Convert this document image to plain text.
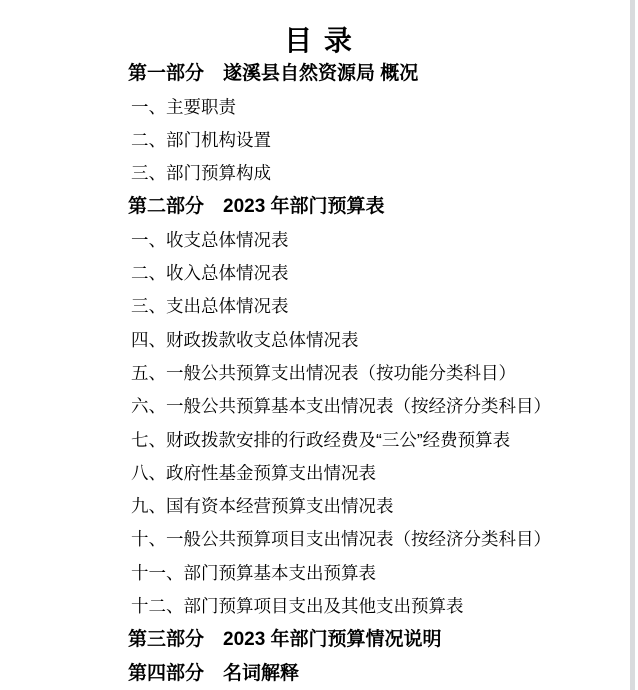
目 录
第一部分　遂溪县自然资源局 概况
一、主要职责
二、部门机构设置
三、部门预算构成
第二部分　2023 年部门预算表
一、收支总体情况表
二、收入总体情况表
三、支出总体情况表
四、财政拨款收支总体情况表
五、一般公共预算支出情况表（按功能分类科目）
六、一般公共预算基本支出情况表（按经济分类科目）
七、财政拨款安排的行政经费及“三公”经费预算表
八、政府性基金预算支出情况表
九、国有资本经营预算支出情况表
十、一般公共预算项目支出情况表（按经济分类科目）
十一、部门预算基本支出预算表
十二、部门预算项目支出及其他支出预算表
第三部分　2023 年部门预算情况说明
第四部分　名词解释
